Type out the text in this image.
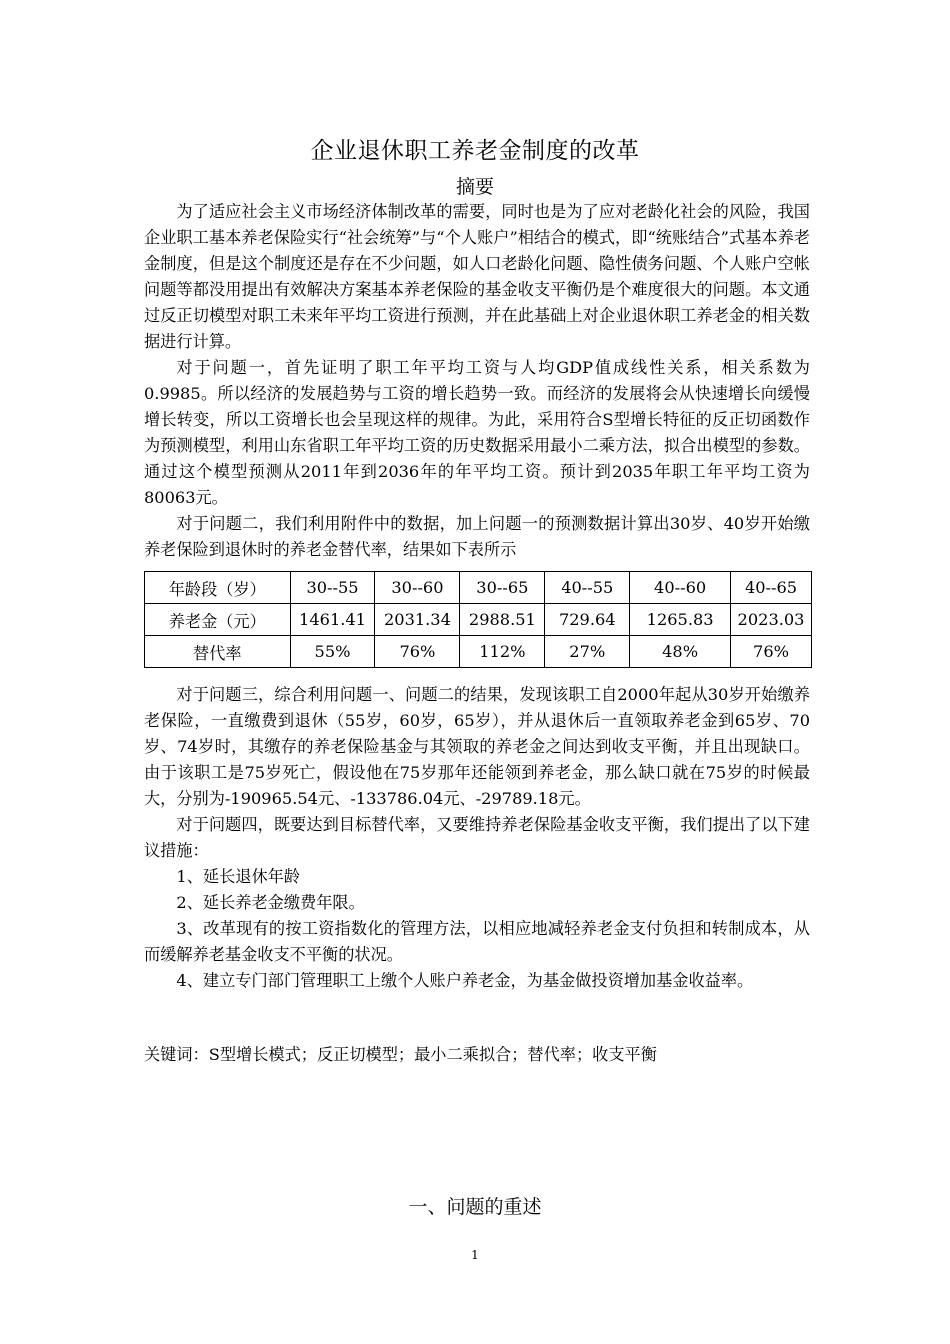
企业退休职工养老金制度的改革
摘要

为了适应社会主义市场经济体制改革的需要，同时也是为了应对老龄化社会的风险，我国企业职工基本养老保险实行“社会统筹”与“个人账户”相结合的模式，即“统账结合”式基本养老金制度，但是这个制度还是存在不少问题，如人口老龄化问题、隐性债务问题、个人账户空帐问题等都没用提出有效解决方案基本养老保险的基金收支平衡仍是个难度很大的问题。本文通过反正切模型对职工未来年平均工资进行预测，并在此基础上对企业退休职工养老金的相关数据进行计算。

对于问题一，首先证明了职工年平均工资与人均GDP值成线性关系，相关系数为0.9985。所以经济的发展趋势与工资的增长趋势一致。而经济的发展将会从快速增长向缓慢增长转变，所以工资增长也会呈现这样的规律。为此，采用符合S型增长特征的反正切函数作为预测模型，利用山东省职工年平均工资的历史数据采用最小二乘方法，拟合出模型的参数。通过这个模型预测从2011年到2036年的年平均工资。预计到2035年职工年平均工资为80063元。

对于问题二，我们利用附件中的数据，加上问题一的预测数据计算出30岁、40岁开始缴养老保险到退休时的养老金替代率，结果如下表所示

年龄段（岁）	30--55	30--60	30--65	40--55	40--60	40--65
养老金（元）	1461.41	2031.34	2988.51	729.64	1265.83	2023.03
替代率	55%	76%	112%	27%	48%	76%

对于问题三，综合利用问题一、问题二的结果，发现该职工自2000年起从30岁开始缴养老保险，一直缴费到退休（55岁，60岁，65岁），并从退休后一直领取养老金到65岁、70岁、74岁时，其缴存的养老保险基金与其领取的养老金之间达到收支平衡，并且出现缺口。由于该职工是75岁死亡，假设他在75岁那年还能领到养老金，那么缺口就在75岁的时候最大，分别为-190965.54元、-133786.04元、-29789.18元。

对于问题四，既要达到目标替代率，又要维持养老保险基金收支平衡，我们提出了以下建议措施：

1、延长退休年龄

2、延长养老金缴费年限。

3、改革现有的按工资指数化的管理方法，以相应地减轻养老金支付负担和转制成本，从而缓解养老基金收支不平衡的状况。

4、建立专门部门管理职工上缴个人账户养老金，为基金做投资增加基金收益率。

关键词：S型增长模式；反正切模型；最小二乘拟合；替代率；收支平衡
一、问题的重述
1
